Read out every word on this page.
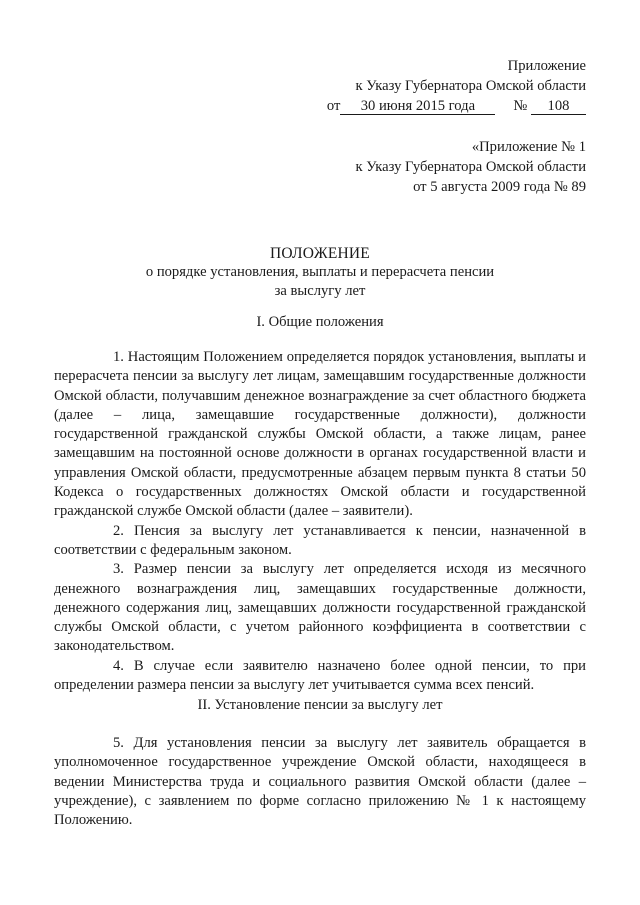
Приложение
к Указу Губернатора Омской области
от 30 июня 2015 года	№ 108
«Приложение № 1
к Указу Губернатора Омской области
от 5 августа 2009 года № 89
ПОЛОЖЕНИЕ
о порядке установления, выплаты и перерасчета пенсии
за выслугу лет
I. Общие положения

1. Настоящим Положением определяется порядок установления, выплаты и перерасчета пенсии за выслугу лет лицам, замещавшим государственные должности Омской области, получавшим денежное вознаграждение за счет областного бюджета (далее – лица, замещавшие государственные должности), должности государственной гражданской службы Омской области, а также лицам, ранее замещавшим на постоянной основе должности в органах государственной власти и управления Омской области, предусмотренные абзацем первым пункта 8 статьи 50 Кодекса о государственных должностях Омской области и государственной гражданской службе Омской области (далее – заявители).

2. Пенсия за выслугу лет устанавливается к пенсии, назначенной в соответствии с федеральным законом.

3. Размер пенсии за выслугу лет определяется исходя из месячного денежного вознаграждения лиц, замещавших государственные должности, денежного содержания лиц, замещавших должности государственной гражданской службы Омской области, с учетом районного коэффициента в соответствии с законодательством.

4. В случае если заявителю назначено более одной пенсии, то при определении размера пенсии за выслугу лет учитывается сумма всех пенсий.

II. Установление пенсии за выслугу лет

5. Для установления пенсии за выслугу лет заявитель обращается в уполномоченное государственное учреждение Омской области, находящееся в ведении Министерства труда и социального развития Омской области (далее – учреждение), с заявлением по форме согласно приложению № 1 к настоящему Положению.
